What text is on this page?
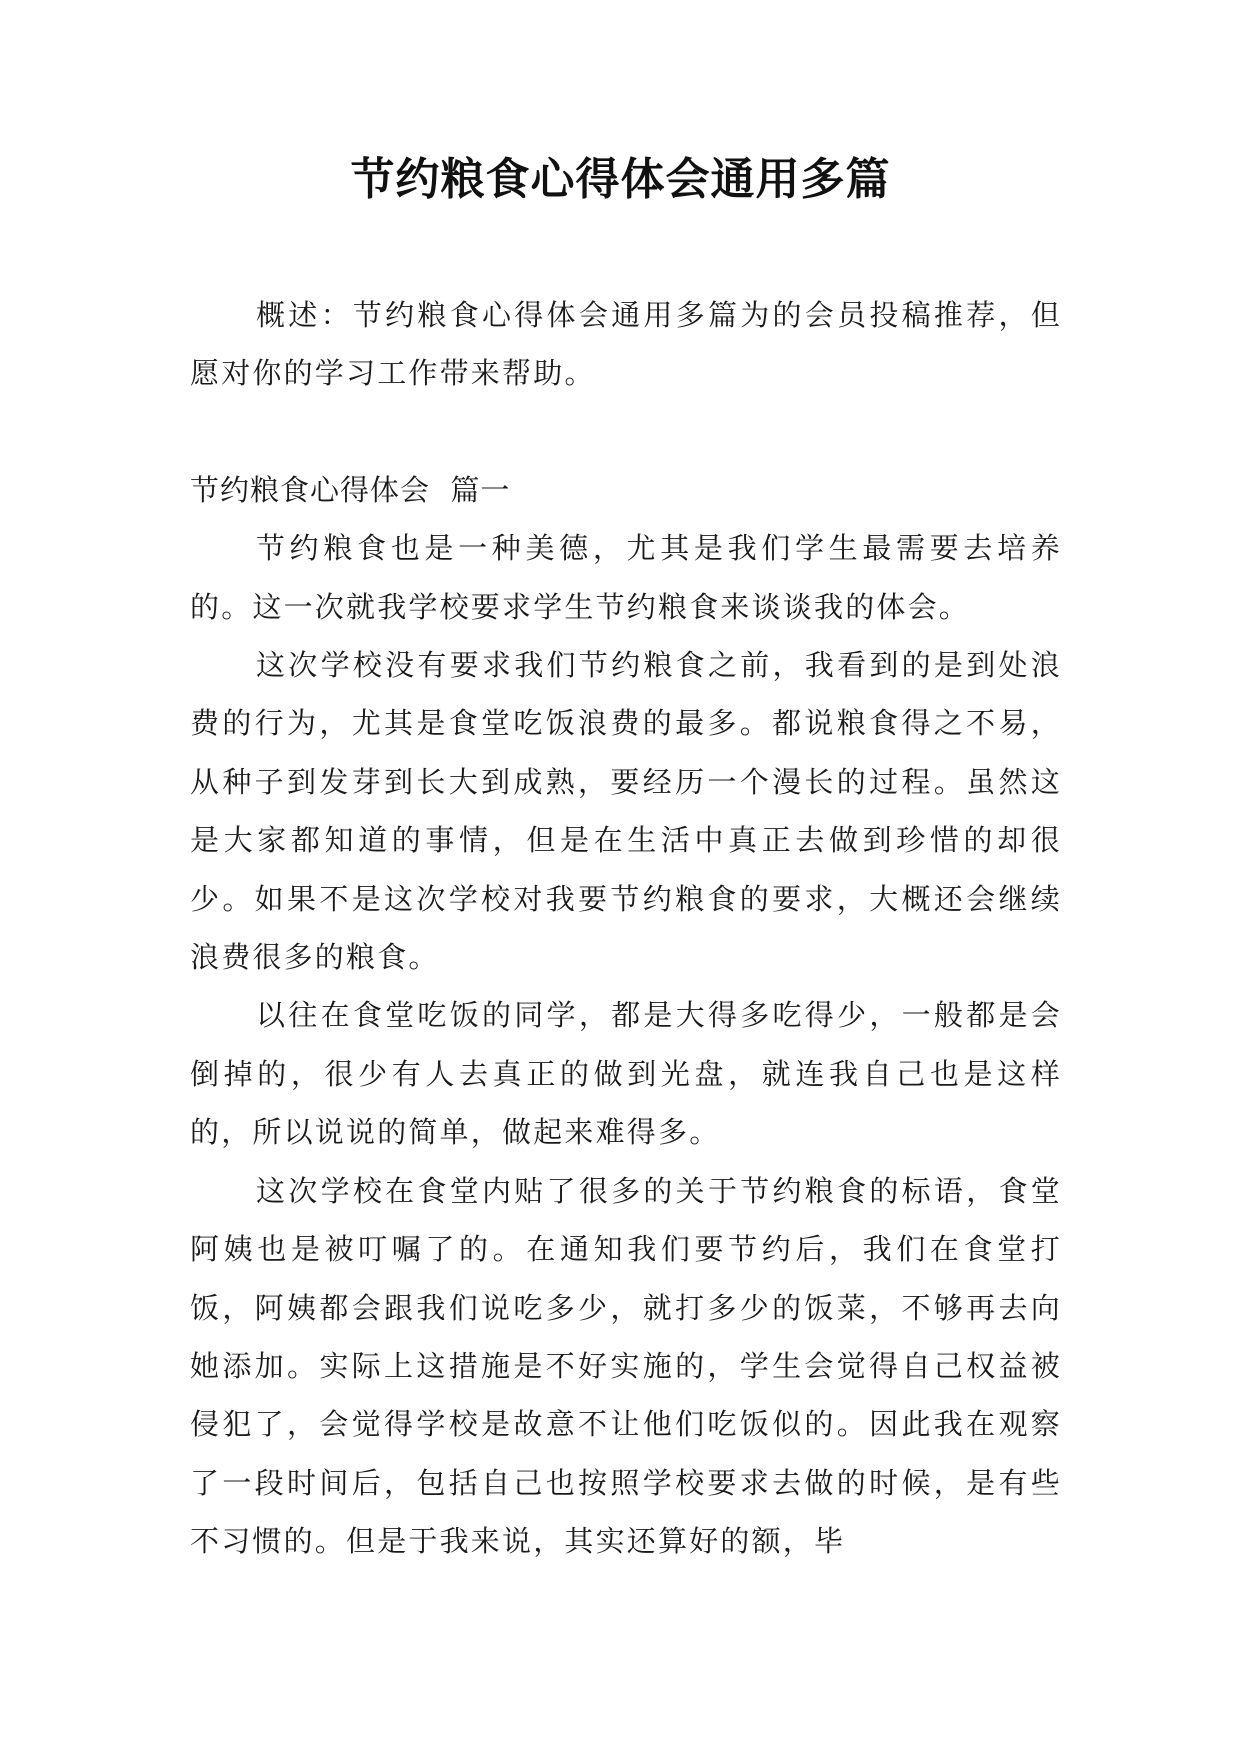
节约粮食心得体会通用多篇

概述：节约粮食心得体会通用多篇为的会员投稿推荐，但愿对你的学习工作带来帮助。

节约粮食心得体会  篇一

节约粮食也是一种美德，尤其是我们学生最需要去培养的。这一次就我学校要求学生节约粮食来谈谈我的体会。

这次学校没有要求我们节约粮食之前，我看到的是到处浪费的行为，尤其是食堂吃饭浪费的最多。都说粮食得之不易，从种子到发芽到长大到成熟，要经历一个漫长的过程。虽然这是大家都知道的事情，但是在生活中真正去做到珍惜的却很少。如果不是这次学校对我要节约粮食的要求，大概还会继续浪费很多的粮食。

以往在食堂吃饭的同学，都是大得多吃得少，一般都是会倒掉的，很少有人去真正的做到光盘，就连我自己也是这样的，所以说说的简单，做起来难得多。

这次学校在食堂内贴了很多的关于节约粮食的标语，食堂阿姨也是被叮嘱了的。在通知我们要节约后，我们在食堂打饭，阿姨都会跟我们说吃多少，就打多少的饭菜，不够再去向她添加。实际上这措施是不好实施的，学生会觉得自己权益被侵犯了，会觉得学校是故意不让他们吃饭似的。因此我在观察了一段时间后，包括自己也按照学校要求去做的时候，是有些不习惯的。但是于我来说，其实还算好的额，毕
